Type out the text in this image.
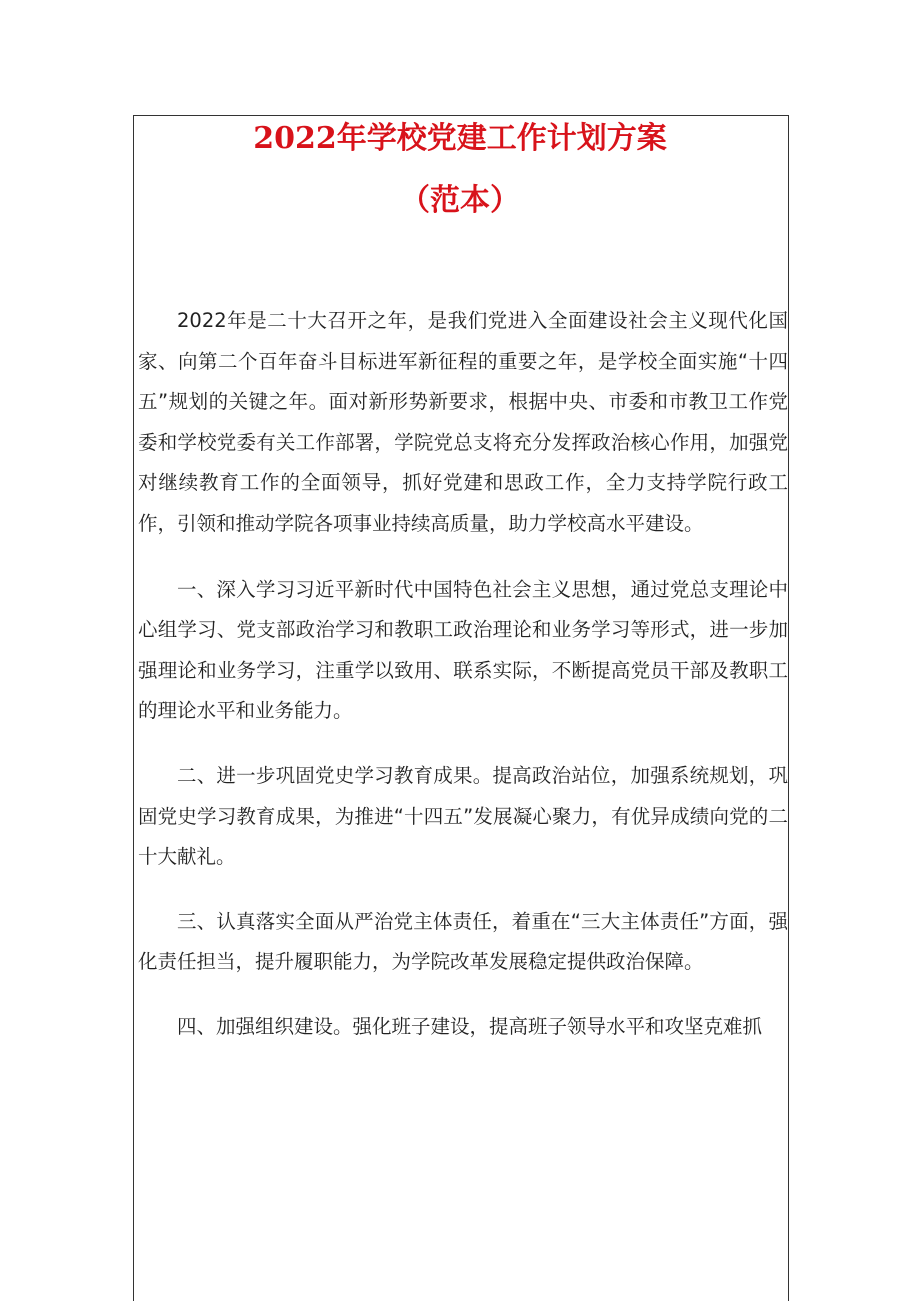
2022年学校党建工作计划方案
（范本）

2022年是二十大召开之年，是我们党进入全面建设社会主义现代化国家、向第二个百年奋斗目标进军新征程的重要之年，是学校全面实施“十四五”规划的关键之年。面对新形势新要求，根据中央、市委和市教卫工作党委和学校党委有关工作部署，学院党总支将充分发挥政治核心作用，加强党对继续教育工作的全面领导，抓好党建和思政工作，全力支持学院行政工作，引领和推动学院各项事业持续高质量，助力学校高水平建设。

一、深入学习习近平新时代中国特色社会主义思想，通过党总支理论中心组学习、党支部政治学习和教职工政治理论和业务学习等形式，进一步加强理论和业务学习，注重学以致用、联系实际，不断提高党员干部及教职工的理论水平和业务能力。

二、进一步巩固党史学习教育成果。提高政治站位，加强系统规划，巩固党史学习教育成果，为推进“十四五”发展凝心聚力，有优异成绩向党的二十大献礼。

三、认真落实全面从严治党主体责任，着重在“三大主体责任”方面，强化责任担当，提升履职能力，为学院改革发展稳定提供政治保障。

四、加强组织建设。强化班子建设，提高班子领导水平和攻坚克难抓
